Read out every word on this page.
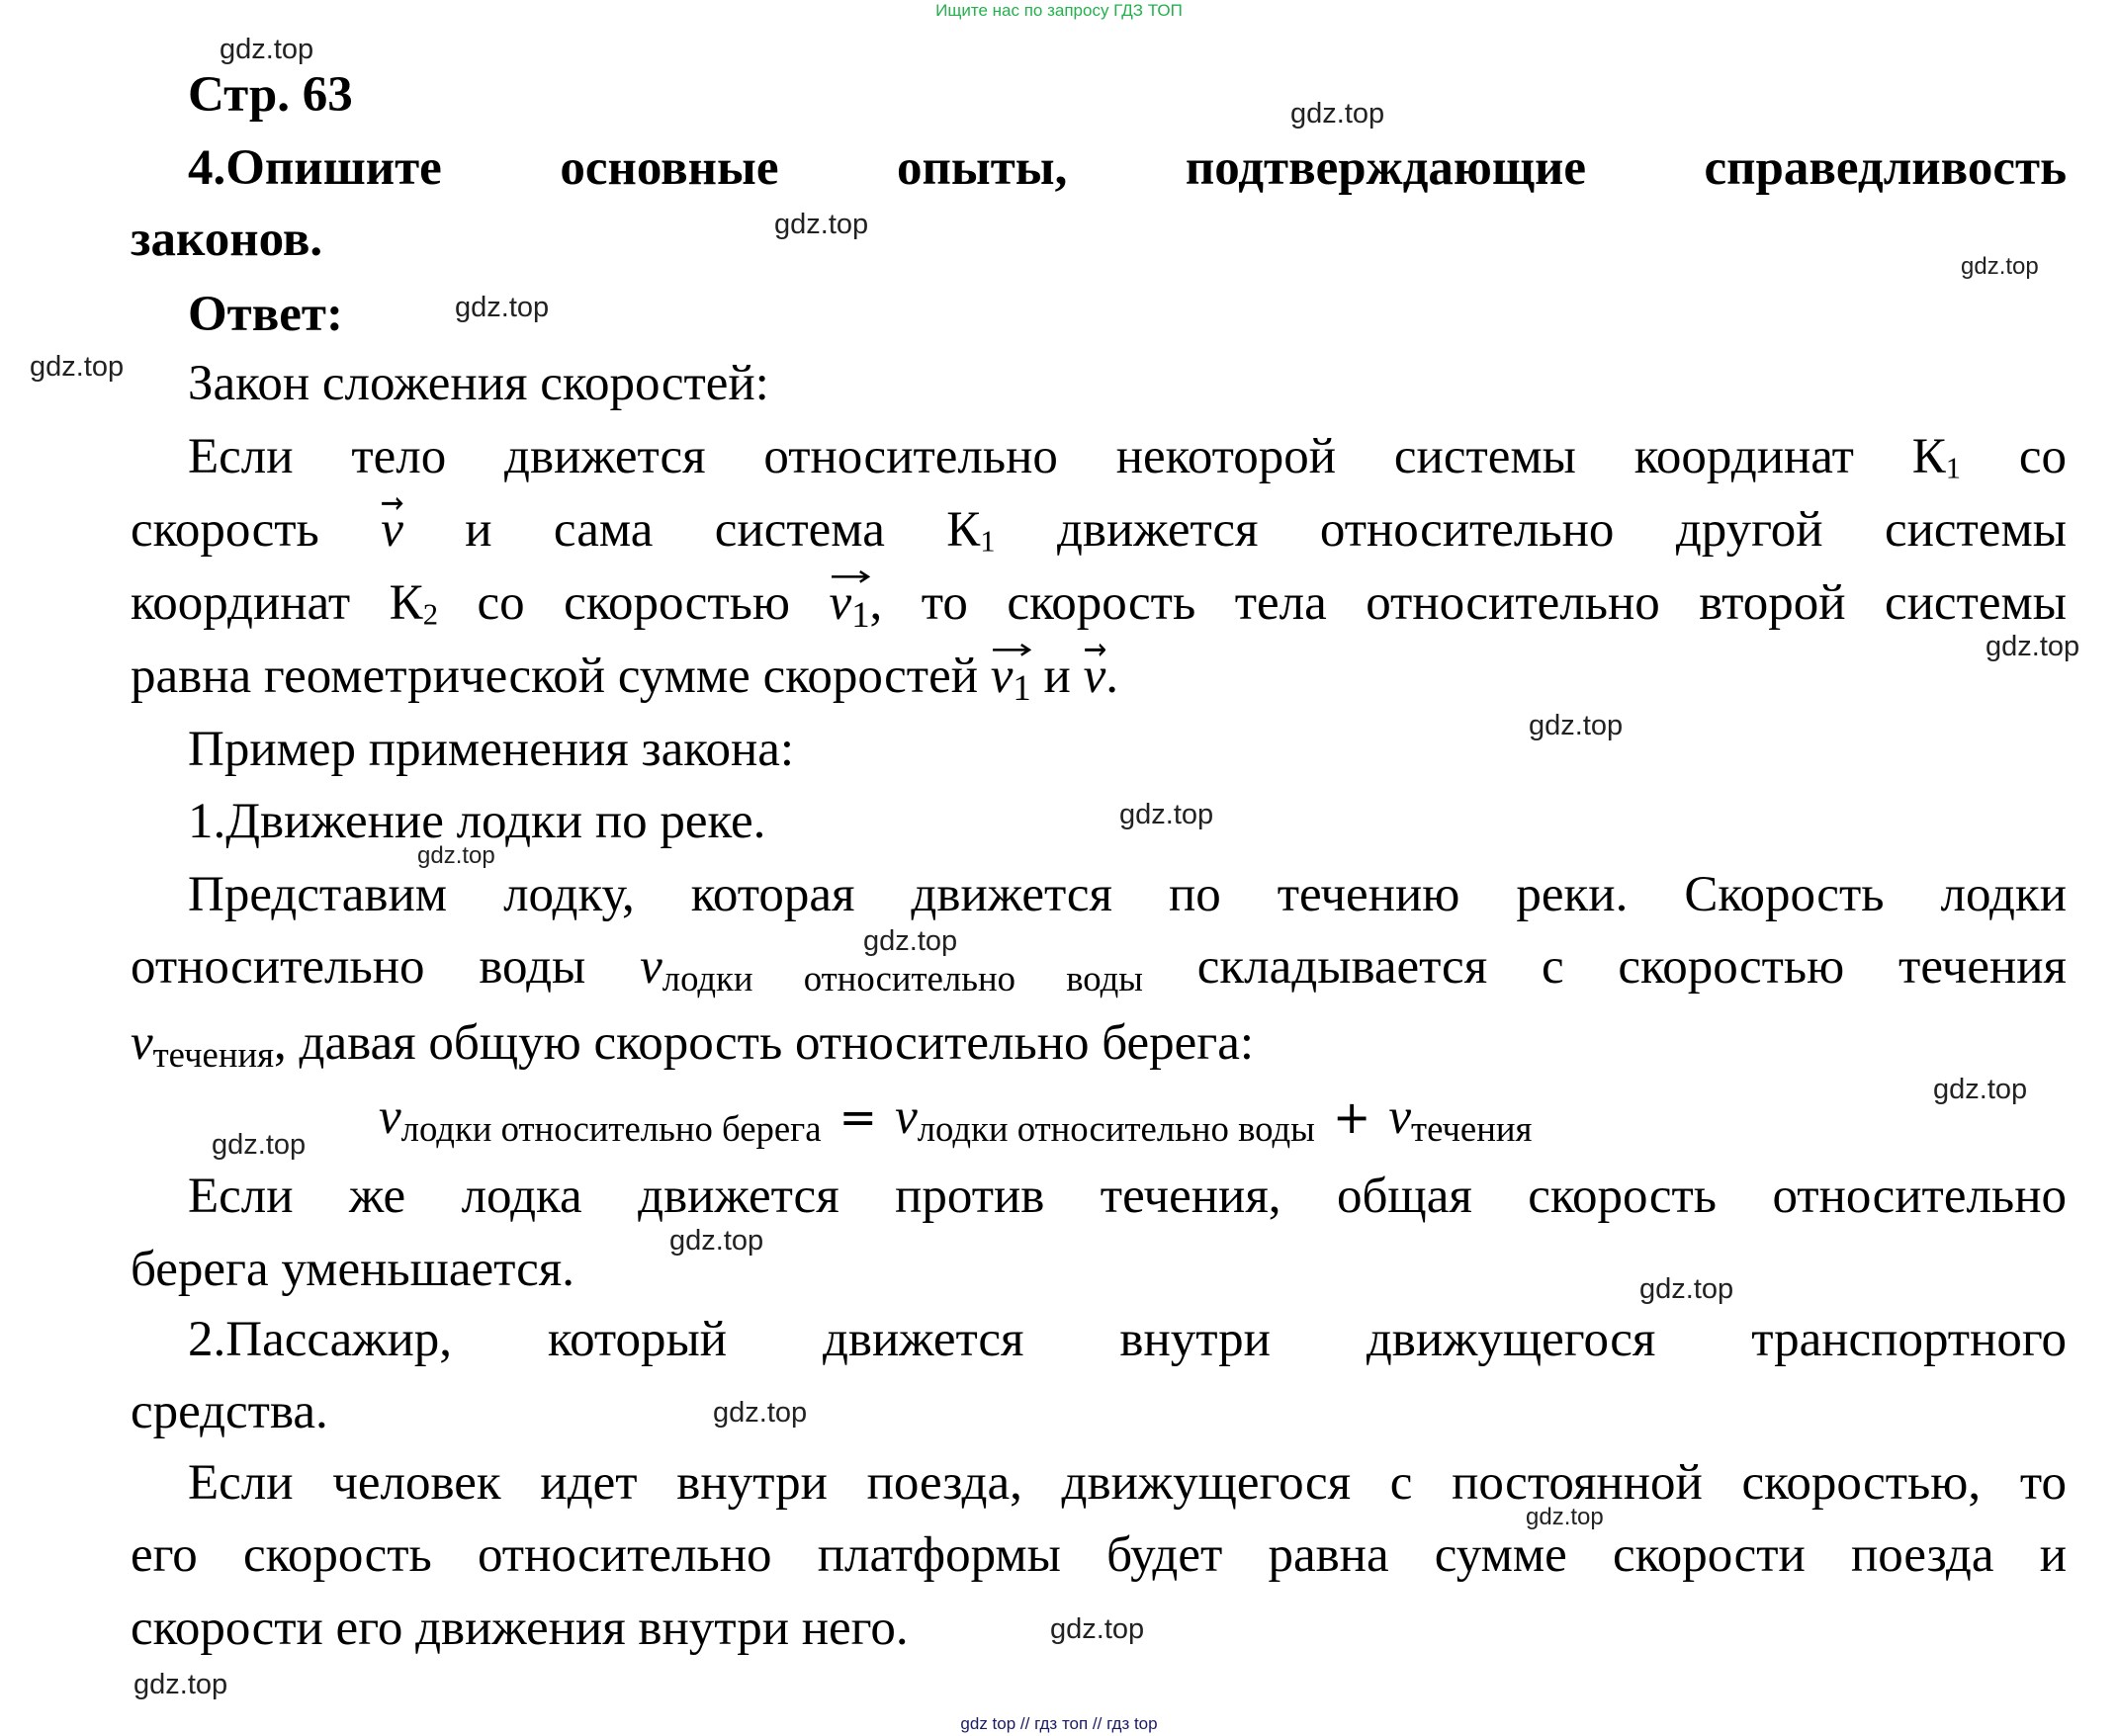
Ищите нас по запросу ГДЗ ТОП
Стр. 63
4.Опишите основные опыты, подтверждающие справедливость
законов.
Ответ:
Закон сложения скоростей:
Если тело движется относительно некоторой системы координат К1 со
скорость v и сама система К1 движется относительно другой системы
координат К2 со скоростью $v_1$
, то скорость тела относительно второй системы
равна геометрической сумме скоростей $v_1$ и v
.
Пример применения закона:
1.Движение лодки по реке.
Представим лодку, которая движется по течению реки. Скорость лодки
относительно воды $v_{лодки относительно воды}$ складывается с скоростью течения
$v_{течения}$, давая общую скорость относительно берега:
$v_{лодки относительно берега} = v_{лодки относительно воды} + v_{течения}$
Если же лодка движется против течения, общая скорость относительно
берега уменьшается.
2.Пассажир, который движется внутри движущегося транспортного
средства.
Если человек идет внутри поезда, движущегося с постоянной скоростью, то
его скорость относительно платформы будет равна сумме скорости поезда и
скорости его движения внутри него.
gdz.top
gdz.top
gdz.top
gdz.top
gdz.top
gdz.top
gdz.top
gdz.top
gdz.top
gdz.top
gdz.top
gdz.top
gdz.top
gdz.top
gdz.top
gdz.top
gdz.top
gdz.top
gdz.top
gdz top // гдз топ // гдз top
